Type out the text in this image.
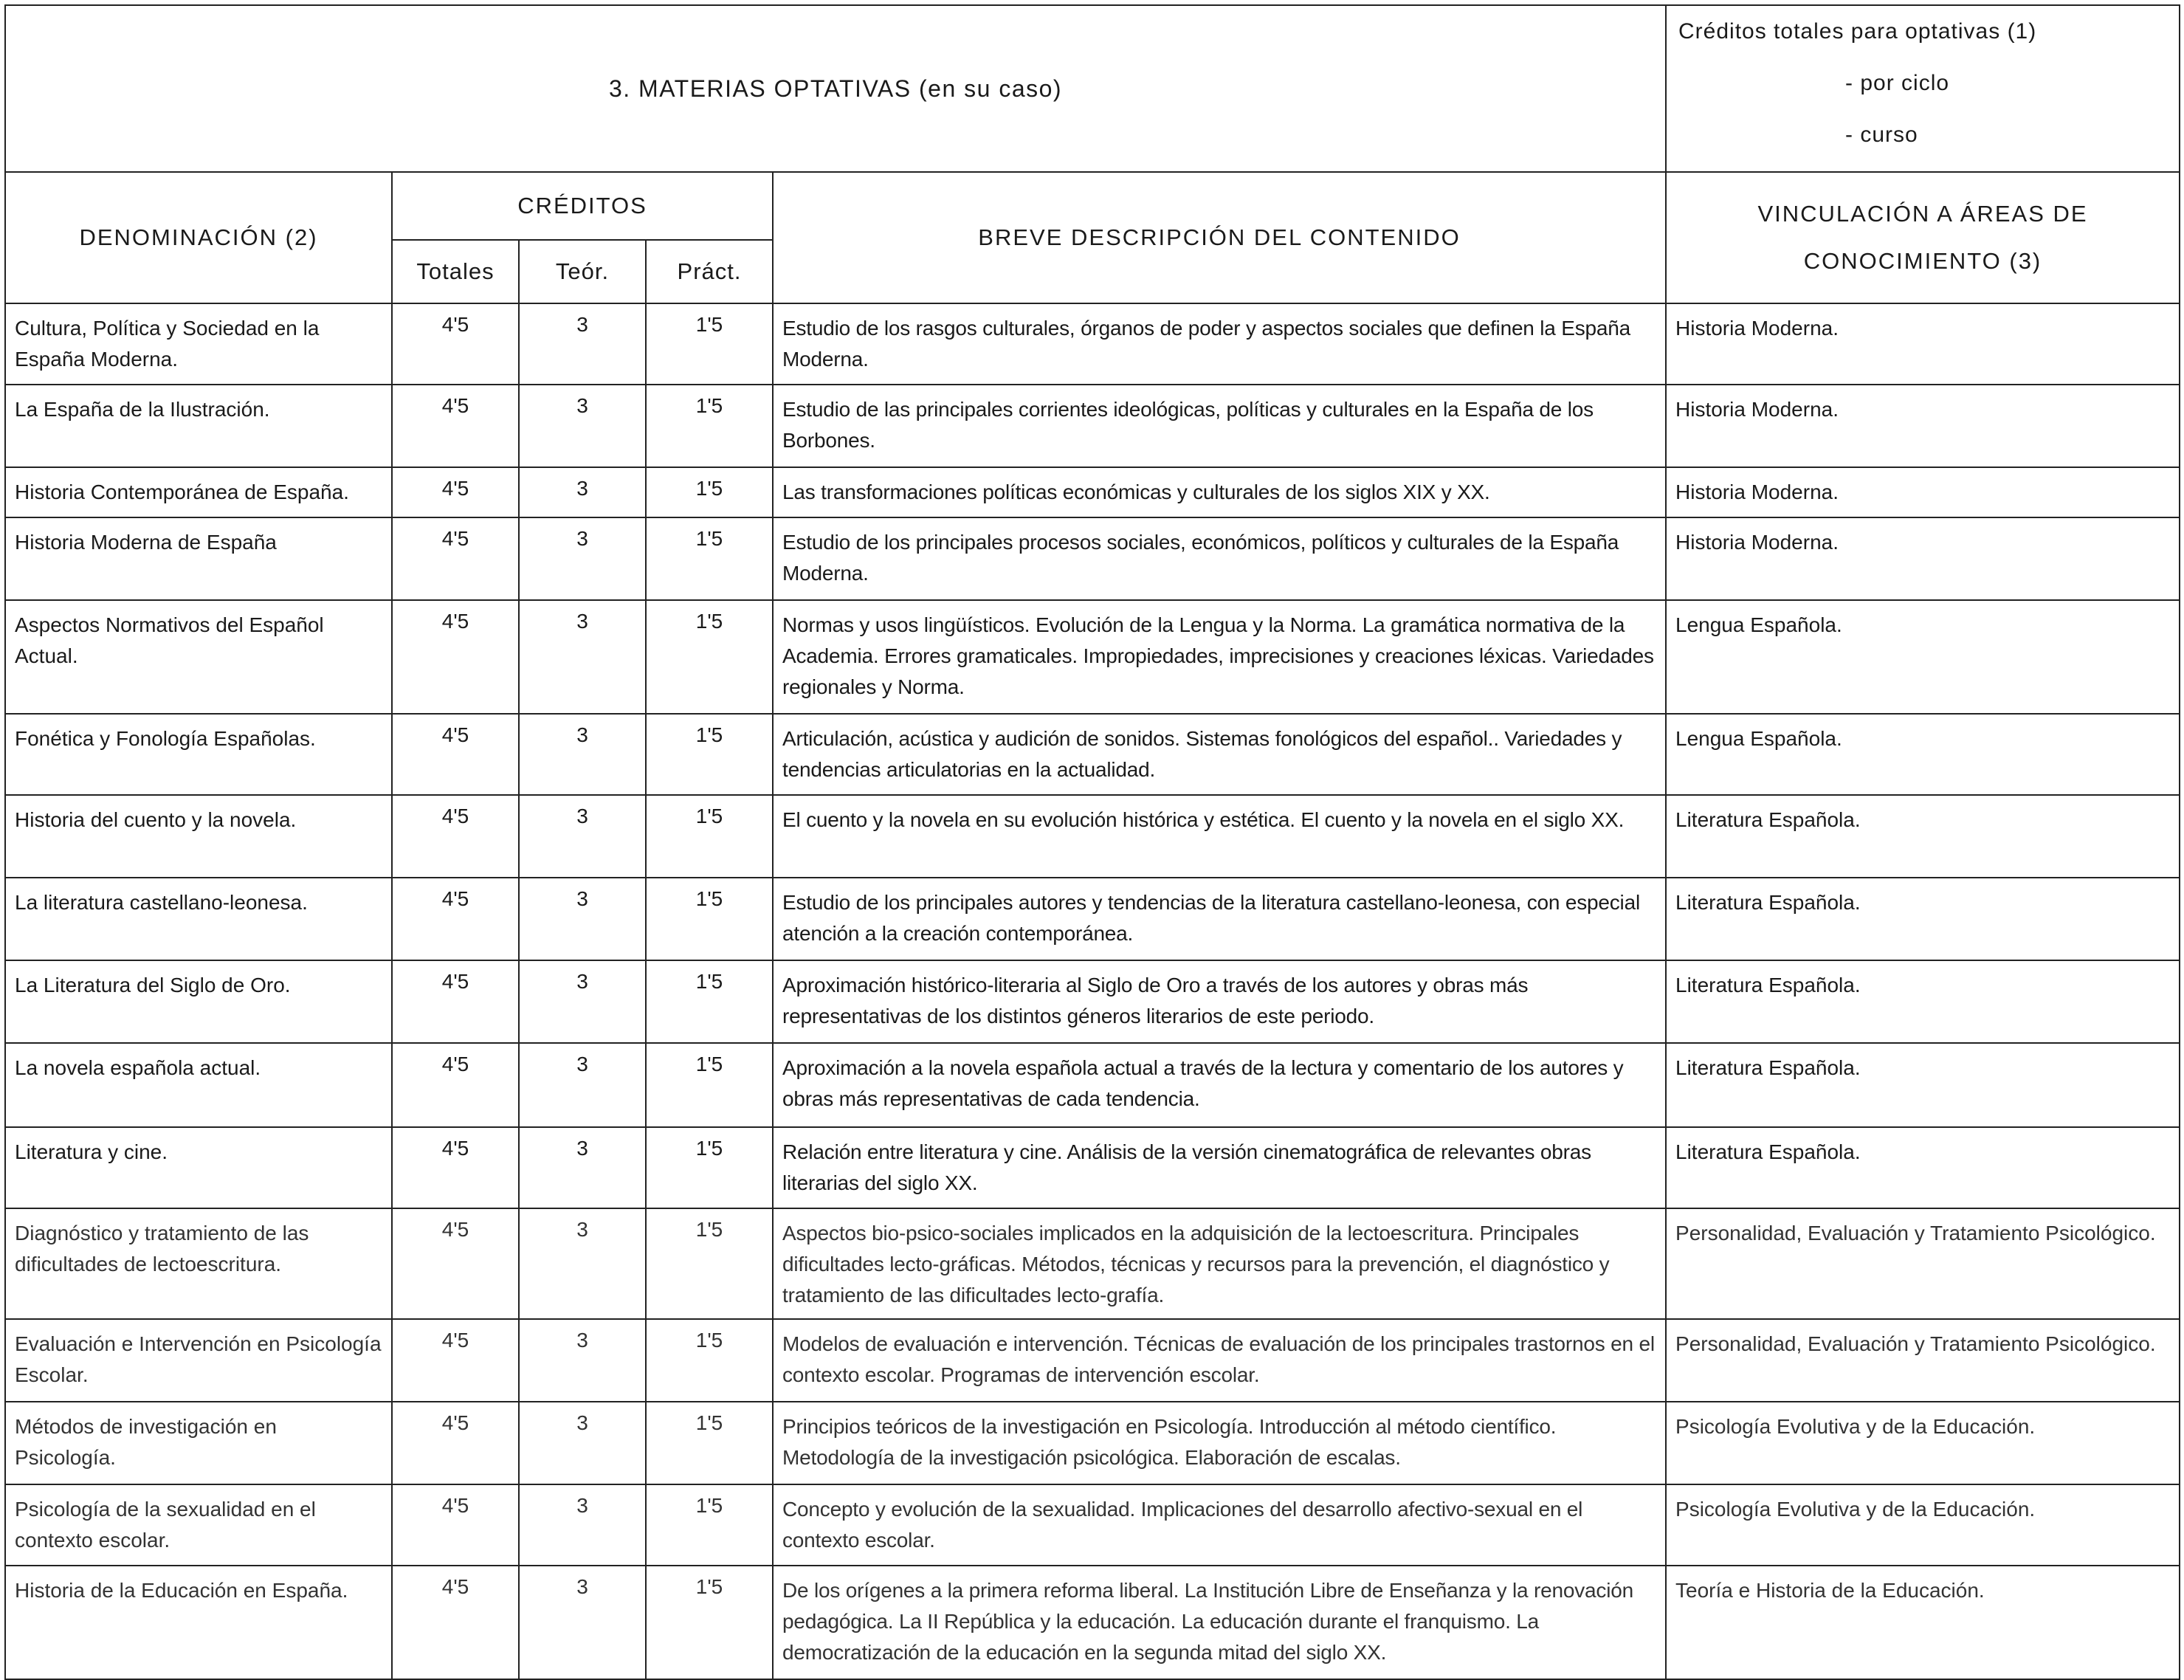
3. MATERIAS OPTATIVAS (en su caso)					Créditos totales para optativas (1)
- por ciclo
- curso

DENOMINACIÓN (2)	CRÉDITOS			BREVE DESCRIPCIÓN DEL CONTENIDO	VINCULACIÓN A ÁREAS DE CONOCIMIENTO (3)
	Totales	Teór.	Práct.		
Cultura, Política y Sociedad en la España Moderna.	4'5	3	1'5	Estudio de los rasgos culturales, órganos de poder y aspectos sociales que definen la España Moderna.	Historia Moderna.
La España de la Ilustración.	4'5	3	1'5	Estudio de las principales corrientes ideológicas, políticas y culturales en la España de los Borbones.	Historia Moderna.
Historia Contemporánea de España.	4'5	3	1'5	Las transformaciones políticas económicas y culturales de los siglos XIX y XX.	Historia Moderna.
Historia Moderna de España	4'5	3	1'5	Estudio de los principales procesos sociales, económicos, políticos y culturales de la España Moderna.	Historia Moderna.
Aspectos Normativos del Español Actual.	4'5	3	1'5	Normas y usos lingüísticos. Evolución de la Lengua y la Norma. La gramática normativa de la Academia. Errores gramaticales. Impropiedades, imprecisiones y creaciones léxicas. Variedades regionales y Norma.	Lengua Española.
Fonética y Fonología Españolas.	4'5	3	1'5	Articulación, acústica y audición de sonidos. Sistemas fonológicos del español.. Variedades y tendencias articulatorias en la actualidad.	Lengua Española.
Historia del cuento y la novela.	4'5	3	1'5	El cuento y la novela en su evolución histórica y estética. El cuento y la novela en el siglo XX.	Literatura Española.
La literatura castellano-leonesa.	4'5	3	1'5	Estudio de los principales autores y tendencias de la literatura castellano-leonesa, con especial atención a la creación contemporánea.	Literatura Española.
La Literatura del Siglo de Oro.	4'5	3	1'5	Aproximación histórico-literaria al Siglo de Oro a través de los autores y obras más representativas de los distintos géneros literarios de este periodo.	Literatura Española.
La novela española actual.	4'5	3	1'5	Aproximación a la novela española actual a través de la lectura y comentario de los autores y obras más representativas de cada tendencia.	Literatura Española.
Literatura y cine.	4'5	3	1'5	Relación entre literatura y cine. Análisis de la versión cinematográfica de relevantes obras literarias del siglo XX.	Literatura Española.
Diagnóstico y tratamiento de las dificultades de lectoescritura.	4'5	3	1'5	Aspectos bio-psico-sociales implicados en la adquisición de la lectoescritura. Principales dificultades lecto-gráficas. Métodos, técnicas y recursos para la prevención, el diagnóstico y tratamiento de las dificultades lecto-grafía.	Personalidad, Evaluación y Tratamiento Psicológico.
Evaluación e Intervención en Psicología Escolar.	4'5	3	1'5	Modelos de evaluación e intervención. Técnicas de evaluación de los principales trastornos en el contexto escolar. Programas de intervención escolar.	Personalidad, Evaluación y Tratamiento Psicológico.
Métodos de investigación en Psicología.	4'5	3	1'5	Principios teóricos de la investigación en Psicología. Introducción al método científico. Metodología de la investigación psicológica. Elaboración de escalas.	Psicología Evolutiva y de la Educación.
Psicología de la sexualidad en el contexto escolar.	4'5	3	1'5	Concepto y evolución de la sexualidad. Implicaciones del desarrollo afectivo-sexual en el contexto escolar.	Psicología Evolutiva y de la Educación.
Historia de la Educación en España.	4'5	3	1'5	De los orígenes a la primera reforma liberal. La Institución Libre de Enseñanza y la renovación pedagógica. La II República y la educación. La educación durante el franquismo. La democratización de la educación en la segunda mitad del siglo XX.	Teoría e Historia de la Educación.
